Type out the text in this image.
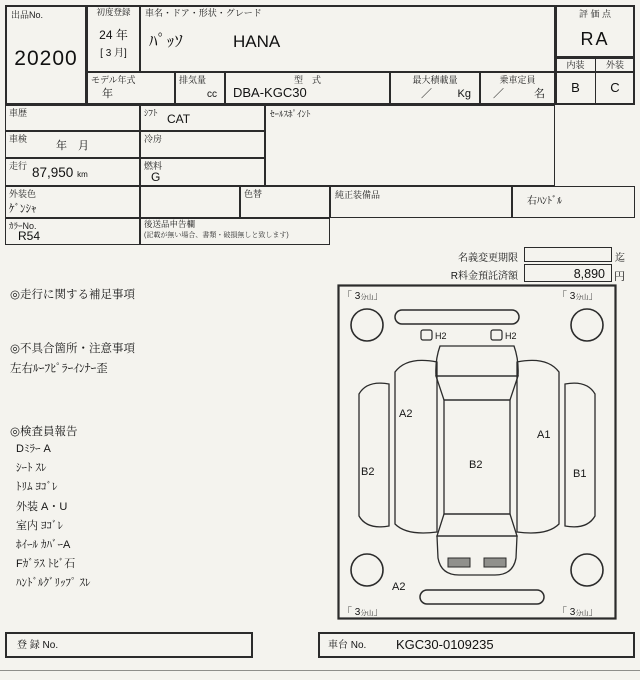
出品No.
20200
初度登録
24 年
[ 3 月]
車名・ドア・形状・グレード
ﾊﾟｯｿ	HANA
評 価 点
RA
内装	外装
B	C
モデル年式
年
排気量
cc
型　式
DBA-KGC30
最大積載量
／ Kg
乗車定員
／	名
車歴	ｼﾌﾄ CAT	ｾｰﾙｽﾎﾟｲﾝﾄ
車検
年　月
冷房
走行 87,950 km
燃料
G
外装色
ｹﾞﾝｼｬ
色替	純正装備品
右ﾊﾝﾄﾞﾙ
ｶﾗｰNo.
R54
後送品申告欄
(記載が無い場合、書類・破損無しと致します)
名義変更期限	迄
R料金預託済額	8,890 円
◎走行に関する補足事項
◎不具合箇所・注意事項
左右ﾙｰﾌﾋﾟﾗｰｲﾝﾅｰ歪
◎検査員報告
Dﾐﾗｰ A
ｼｰﾄ ｽﾚ
ﾄﾘﾑ ﾖｺﾞﾚ
外装 A・U
室内 ﾖｺﾞﾚ
ﾎｲｰﾙ ｶﾊﾞｰA
Fｶﾞﾗｽ ﾄﾋﾞ石
ﾊﾝﾄﾞﾙｸﾞﾘｯﾌﾟ ｽﾚ
「 3分山」	「 3分山」
「 3分山」	「 3分山」
H2	H2
A2
A1
B2
B2
B1
A2
登 録 No.	車台 No. KGC30-0109235
